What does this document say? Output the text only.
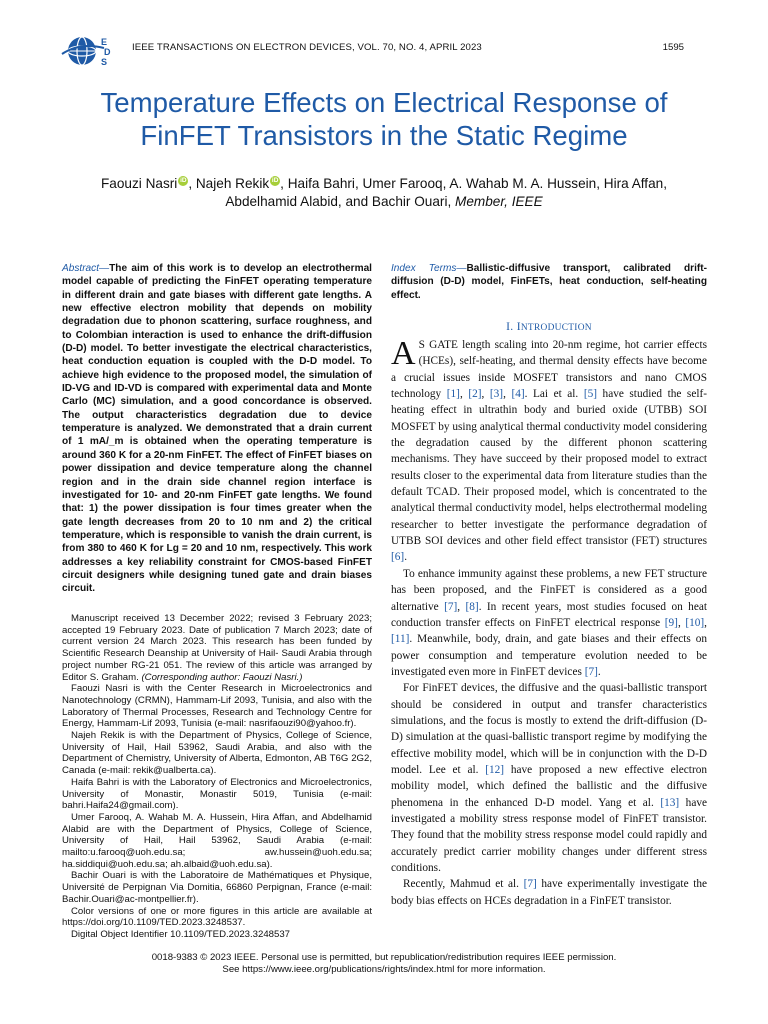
E
D
S
IEEE TRANSACTIONS ON ELECTRON DEVICES, VOL. 70, NO. 4, APRIL 2023	1595
Temperature Effects on Electrical Response of
FinFET Transistors in the Static Regime
Faouzi Nasri iD , Najeh Rekik iD , Haifa Bahri, Umer Farooq, A. Wahab M. A. Hussein, Hira Affan,
Abdelhamid Alabid, and Bachir Ouari, Member, IEEE
Abstract—The aim of this work is to develop an electrothermal model capable of predicting the FinFET operating temperature in different drain and gate biases with different gate lengths. A new effective electron mobility that depends on mobility degradation due to phonon scattering, surface roughness, and to Colombian interaction is used to enhance the drift-diffusion (D-D) model. To better investigate the electrical characteristics, heat conduction equation is coupled with the D-D model. To achieve high evidence to the proposed model, the simulation of ID-VG and ID-VD is compared with experimental data and Monte Carlo (MC) simulation, and a good concordance is observed. The output characteristics degradation due to device temperature is analyzed. We demonstrated that a drain current of 1 mA/_m is obtained when the operating temperature is around 360 K for a 20-nm FinFET. The effect of FinFET biases on power dissipation and device temperature along the channel region and in the drain side channel region interface is investigated for 10- and 20-nm FinFET gate lengths. We found that: 1) the power dissipation is four times greater when the gate length decreases from 20 to 10 nm and 2) the critical temperature, which is responsible to vanish the drain current, is from 380 to 460 K for Lg = 20 and 10 nm, respectively. This work addresses a key reliability constraint for CMOS-based FinFET circuit designers while designing tuned gate and drain biases circuit.

Manuscript received 13 December 2022; revised 3 February 2023; accepted 19 February 2023. Date of publication 7 March 2023; date of current version 24 March 2023. This research has been funded by Scientific Research Deanship at University of Hail- Saudi Arabia through project number RG-21 051. The review of this article was arranged by Editor S. Graham. (Corresponding author: Faouzi Nasri.)

Faouzi Nasri is with the Center Research in Microelectronics and Nanotechnology (CRMN), Hammam-Lif 2093, Tunisia, and also with the Laboratory of Thermal Processes, Research and Technology Centre for Energy, Hammam-Lif 2093, Tunisia (e-mail: nasrifaouzi90@yahoo.fr).

Najeh Rekik is with the Department of Physics, College of Science, University of Hail, Hail 53962, Saudi Arabia, and also with the Department of Chemistry, University of Alberta, Edmonton, AB T6G 2G2, Canada (e-mail: rekik@ualberta.ca).

Haifa Bahri is with the Laboratory of Electronics and Microelectronics, University of Monastir, Monastir 5019, Tunisia (e-mail: bahri.Haifa24@gmail.com).

Umer Farooq, A. Wahab M. A. Hussein, Hira Affan, and Abdelhamid Alabid are with the Department of Physics, College of Science, University of Hail, Hail 53962, Saudi Arabia (e-mail: mailto:u.farooq@uoh.edu.sa; aw.hussein@uoh.edu.sa; ha.siddiqui@uoh.edu.sa; ah.albaid@uoh.edu.sa).

Bachir Ouari is with the Laboratoire de Mathématiques et Physique, Université de Perpignan Via Domitia, 66860 Perpignan, France (e-mail: Bachir.Ouari@ac-montpellier.fr).

Color versions of one or more figures in this article are available at https://doi.org/10.1109/TED.2023.3248537.

Digital Object Identifier 10.1109/TED.2023.3248537

Index Terms—Ballistic-diffusive transport, calibrated drift-diffusion (D-D) model, FinFETs, heat conduction, self-heating effect.
I. INTRODUCTION

A S GATE length scaling into 20-nm regime, hot carrier effects (HCEs), self-heating, and thermal density effects have become a crucial issues inside MOSFET transistors and nano CMOS technology [1], [2], [3], [4]. Lai et al. [5] have studied the self-heating effect in ultrathin body and buried oxide (UTBB) SOI MOSFET by using analytical thermal conductivity model considering the degradation caused by the different phonon scattering mechanisms. They have succeed by their proposed model to extract results closer to the experimental data from literature studies than the default TCAD. Their proposed model, which is concentrated to the analytical thermal conductivity model, helps electrothermal modeling researcher to better investigate the performance degradation of UTBB SOI devices and other field effect transistor (FET) structures [6].

To enhance immunity against these problems, a new FET structure has been proposed, and the FinFET is considered as a good alternative [7], [8]. In recent years, most studies focused on heat conduction transfer effects on FinFET electrical response [9], [10], [11]. Meanwhile, body, drain, and gate biases and their effects on power consumption and temperature evolution needed to be investigated even more in FinFET devices [7].

For FinFET devices, the diffusive and the quasi-ballistic transport should be considered in output and transfer characteristics simulations, and the focus is mostly to extend the drift-diffusion (D-D) simulation at the quasi-ballistic transport regime by modifying the effective mobility model, which will be in conjunction with the D-D model. Lee et al. [12] have proposed a new effective electron mobility model, which defined the ballistic and the diffusive phenomena in the enhanced D-D model. Yang et al. [13] have investigated a mobility stress response model of FinFET transistor. They found that the mobility stress response model could rapidly and accurately predict carrier mobility changes under different stress conditions.

Recently, Mahmud et al. [7] have experimentally investigate the body bias effects on HCEs degradation in a FinFET transistor.

0018-9383 © 2023 IEEE. Personal use is permitted, but republication/redistribution requires IEEE permission.
See https://www.ieee.org/publications/rights/index.html for more information.
